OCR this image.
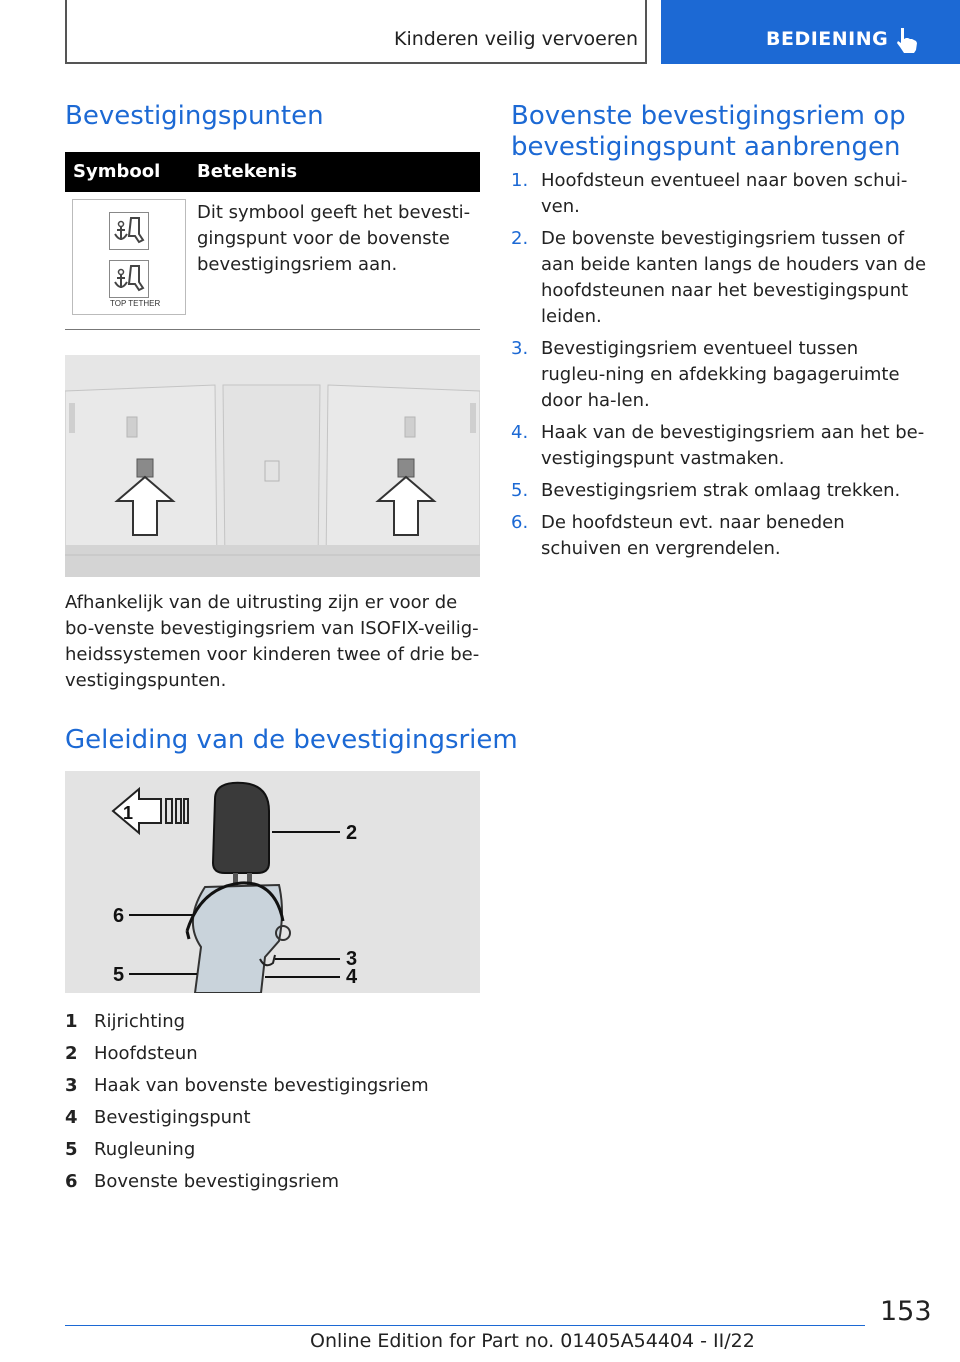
Kinderen veilig vervoeren	BEDIENING
Bevestigingspunten
Symbool Betekenis
TOP TETHER
Dit symbool geeft het bevesti-gingspunt voor de bovenste bevestigingsriem aan.
Afhankelijk van de uitrusting zijn er voor de bo-venste bevestigingsriem van ISOFIX-veilig-heidssystemen voor kinderen twee of drie be-vestigingspunten.
Geleiding van de bevestigingsriem
2
3
4
6
5
1
1 Rijrichting
2 Hoofdsteun
3 Haak van bovenste bevestigingsriem
4 Bevestigingspunt
5 Rugleuning
6 Bovenste bevestigingsriem
Bovenste bevestigingsriem op bevestigingspunt aanbrengen
1. Hoofdsteun eventueel naar boven schui-ven.
2. De bovenste bevestigingsriem tussen of aan beide kanten langs de houders van de hoofdsteunen naar het bevestigingspunt leiden.
3. Bevestigingsriem eventueel tussen rugleu-ning en afdekking bagageruimte door ha-len.
4. Haak van de bevestigingsriem aan het be-vestigingspunt vastmaken.
5. Bevestigingsriem strak omlaag trekken.
6. De hoofdsteun evt. naar beneden schuiven en vergrendelen.
153
Online Edition for Part no. 01405A54404 - II/22
